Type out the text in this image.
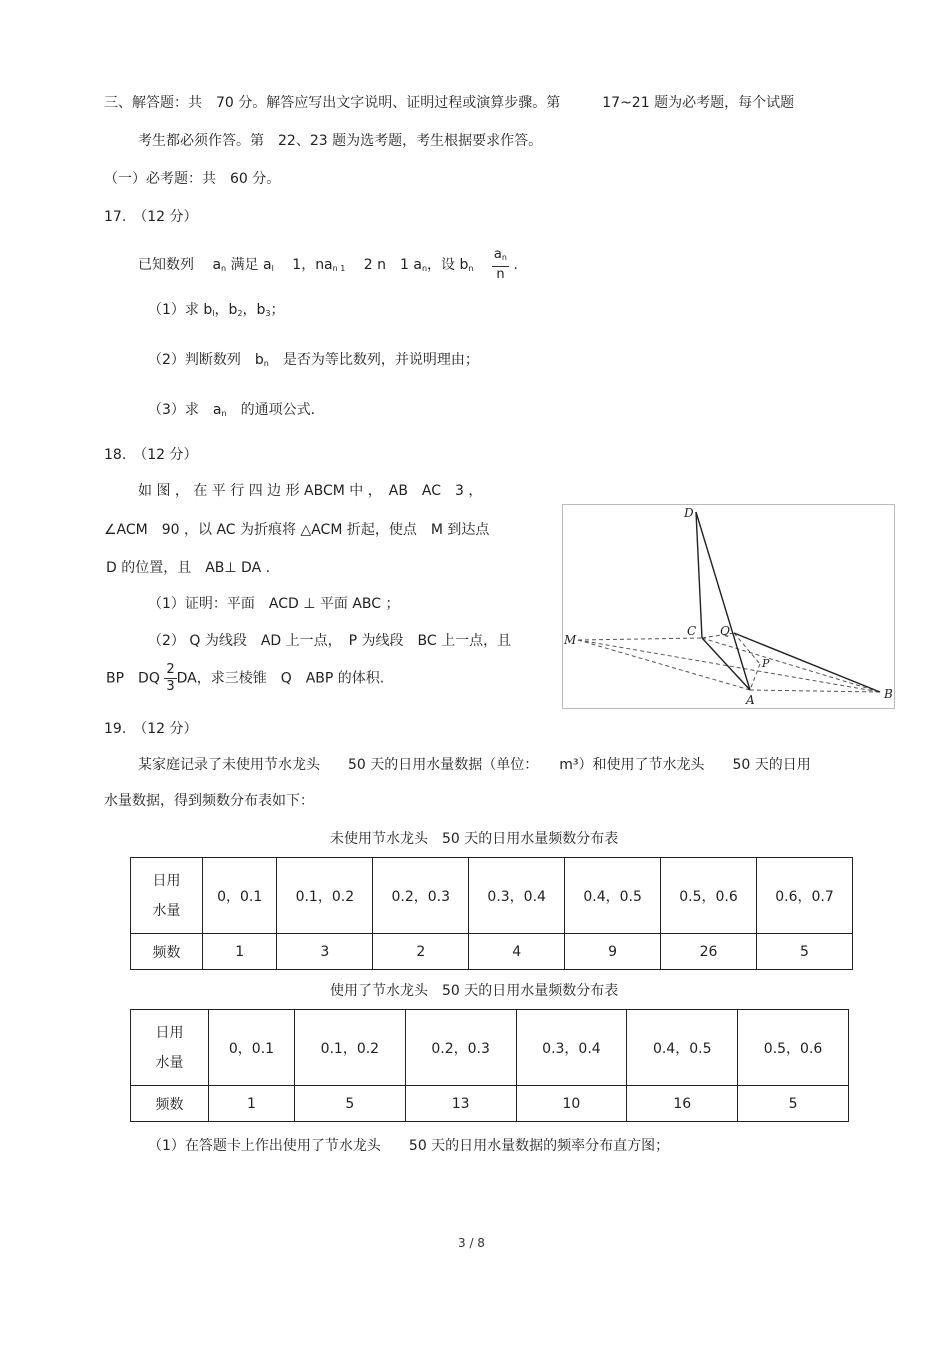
三、解答题：共　70 分。解答应写出文字说明、证明过程或演算步骤。第　　　17~21 题为必考题，每个试题
考生都必须作答。第　22、23 题为选考题，考生根据要求作答。
（一）必考题：共　60 分。
17.　（12 分）
已知数列　 $a_n$ 满足 $a_l$　 1，$na_{n 1}$　 2 n　1 $a_n$，设 $b_n$　 $\frac{a_n}{n}$ .
（1）求 $b_l$，$b_2$，$b_3$；
（2）判断数列　$b_n$　 是否为等比数列，并说明理由；
（3）求　$a_n$　 的通项公式.
18.　（12 分）
如 图 ， 在 平 行 四 边 形 ABCM 中 ，　AB　AC　3 ，
∠ACM　90 ，以 AC 为折痕将 △ACM 折起，使点　M 到达点
D 的位置，且　AB⊥ DA .
（1）证明：平面　ACD ⊥ 平面 ABC ；
（2） Q 为线段　AD 上一点，　P 为线段　BC 上一点，且
BP　DQ $\frac{2}{3}$ DA，求三棱锥　Q　ABP 的体积.
D
C Q
M
P
A	B
19.　（12 分）
某家庭记录了未使用节水龙头　　50 天的日用水量数据（单位：　　m³）和使用了节水龙头　　50 天的日用
水量数据，得到频数分布表如下：
未使用节水龙头　50 天的日用水量频数分布表
日用
水量	0，0.1	0.1，0.2	0.2，0.3	0.3，0.4	0.4，0.5	0.5，0.6	0.6，0.7
频数	1	3	2	4	9	26	5
使用了节水龙头　50 天的日用水量频数分布表
日用
水量	0，0.1	0.1，0.2	0.2，0.3	0.3，0.4	0.4，0.5	0.5，0.6
频数	1	5	13	10	16	5
（1）在答题卡上作出使用了节水龙头　　50 天的日用水量数据的频率分布直方图；
3 / 8
